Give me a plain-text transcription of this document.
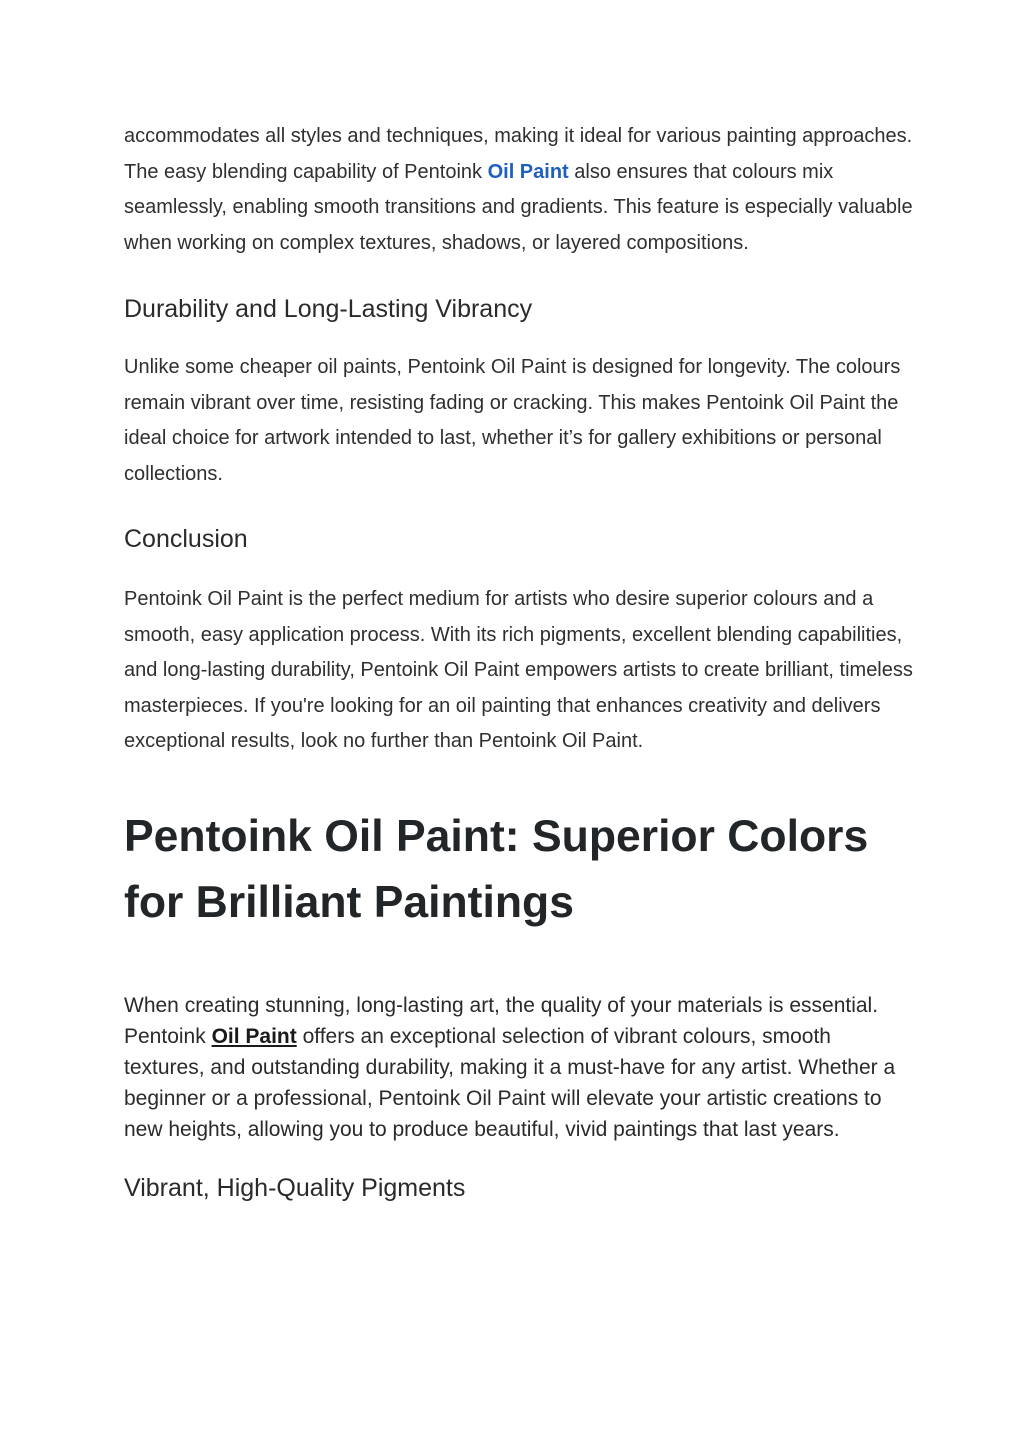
accommodates all styles and techniques, making it ideal for various painting approaches.

The easy blending capability of Pentoink Oil Paint also ensures that colours mix seamlessly, enabling smooth transitions and gradients. This feature is especially valuable when working on complex textures, shadows, or layered compositions.

Durability and Long-Lasting Vibrancy

Unlike some cheaper oil paints, Pentoink Oil Paint is designed for longevity. The colours remain vibrant over time, resisting fading or cracking. This makes Pentoink Oil Paint the ideal choice for artwork intended to last, whether it’s for gallery exhibitions or personal collections.

Conclusion

Pentoink Oil Paint is the perfect medium for artists who desire superior colours and a smooth, easy application process. With its rich pigments, excellent blending capabilities, and long-lasting durability, Pentoink Oil Paint empowers artists to create brilliant, timeless masterpieces. If you're looking for an oil painting that enhances creativity and delivers exceptional results, look no further than Pentoink Oil Paint.

Pentoink Oil Paint: Superior Colors for Brilliant Paintings

When creating stunning, long-lasting art, the quality of your materials is essential. Pentoink Oil Paint offers an exceptional selection of vibrant colours, smooth textures, and outstanding durability, making it a must-have for any artist. Whether a beginner or a professional, Pentoink Oil Paint will elevate your artistic creations to new heights, allowing you to produce beautiful, vivid paintings that last years.

Vibrant, High-Quality Pigments
